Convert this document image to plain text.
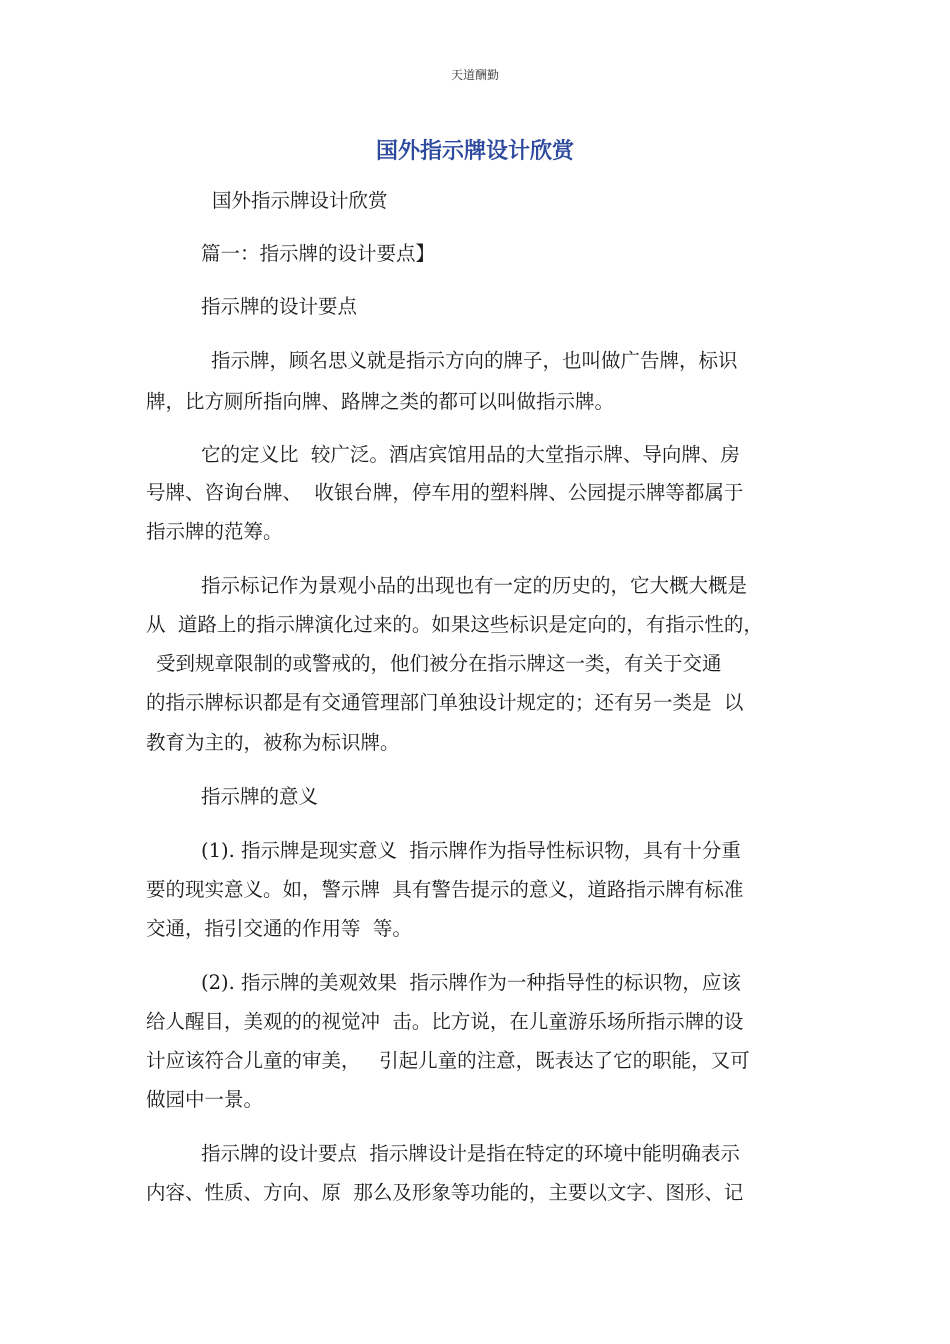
天道酬勤
国外指示牌设计欣赏
国外指示牌设计欣赏
篇一：指示牌的设计要点】
指示牌的设计要点
指示牌，顾名思义就是指示方向的牌子，也叫做广告牌，标识
牌，比方厕所指向牌、路牌之类的都可以叫做指示牌。
它的定义比  较广泛。酒店宾馆用品的大堂指示牌、导向牌、房
号牌、咨询台牌、  收银台牌，停车用的塑料牌、公园提示牌等都属于
指示牌的范筹。
指示标记作为景观小品的出现也有一定的历史的，它大概大概是
从  道路上的指示牌演化过来的。如果这些标识是定向的，有指示性的，
受到规章限制的或警戒的，他们被分在指示牌这一类，有关于交通
的指示牌标识都是有交通管理部门单独设计规定的；还有另一类是  以
教育为主的，被称为标识牌。
指示牌的意义
(1). 指示牌是现实意义  指示牌作为指导性标识物，具有十分重
要的现实意义。如，警示牌  具有警告提示的意义，道路指示牌有标准
交通，指引交通的作用等  等。
(2). 指示牌的美观效果  指示牌作为一种指导性的标识物，应该
给人醒目，美观的的视觉冲  击。比方说，在儿童游乐场所指示牌的设
计应该符合儿童的审美，   引起儿童的注意，既表达了它的职能，又可
做园中一景。
指示牌的设计要点  指示牌设计是指在特定的环境中能明确表示
内容、性质、方向、原  那么及形象等功能的，主要以文字、图形、记
